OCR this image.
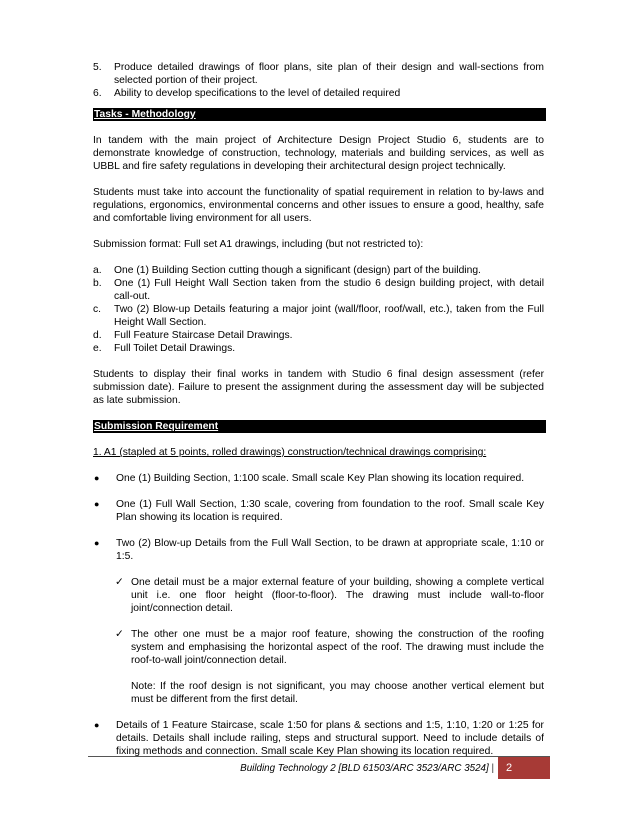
5.	Produce detailed drawings of floor plans, site plan of their design and wall-sections from selected portion of their project.
6.	Ability to develop specifications to the level of detailed required
Tasks - Methodology

In tandem with the main project of Architecture Design Project Studio 6, students are to demonstrate knowledge of construction, technology, materials and building services, as well as UBBL and fire safety regulations in developing their architectural design project technically.

Students must take into account the functionality of spatial requirement in relation to by-laws and regulations, ergonomics, environmental concerns and other issues to ensure a good, healthy, safe and comfortable living environment for all users.

Submission format: Full set A1 drawings, including (but not restricted to):

a.	One (1) Building Section cutting though a significant (design) part of the building.
b.	One (1) Full Height Wall Section taken from the studio 6 design building project, with detail call-out.
c.	Two (2) Blow-up Details featuring a major joint (wall/floor, roof/wall, etc.), taken from the Full Height Wall Section.
d.	Full Feature Staircase Detail Drawings.
e.	Full Toilet Detail Drawings.

Students to display their final works in tandem with Studio 6 final design assessment (refer submission date). Failure to present the assignment during the assessment day will be subjected as late submission.

Submission Requirement

1. A1 (stapled at 5 points, rolled drawings) construction/technical drawings comprising:

●	One (1) Building Section, 1:100 scale. Small scale Key Plan showing its location required.
●	One (1) Full Wall Section, 1:30 scale, covering from foundation to the roof. Small scale Key Plan showing its location is required.
●	Two (2) Blow-up Details from the Full Wall Section, to be drawn at appropriate scale, 1:10 or 1:5.
✓ One detail must be a major external feature of your building, showing a complete vertical unit i.e. one floor height (floor-to-floor). The drawing must include wall-to-floor joint/connection detail.
✓ The other one must be a major roof feature, showing the construction of the roofing system and emphasising the horizontal aspect of the roof. The drawing must include the roof-to-wall joint/connection detail.

Note: If the roof design is not significant, you may choose another vertical element but must be different from the first detail.

●	Details of 1 Feature Staircase, scale 1:50 for plans & sections and 1:5, 1:10, 1:20 or 1:25 for details. Details shall include railing, steps and structural support. Need to include details of fixing methods and connection. Small scale Key Plan showing its location required.
Building Technology 2 [BLD 61503/ARC 3523/ARC 3524] |	2
